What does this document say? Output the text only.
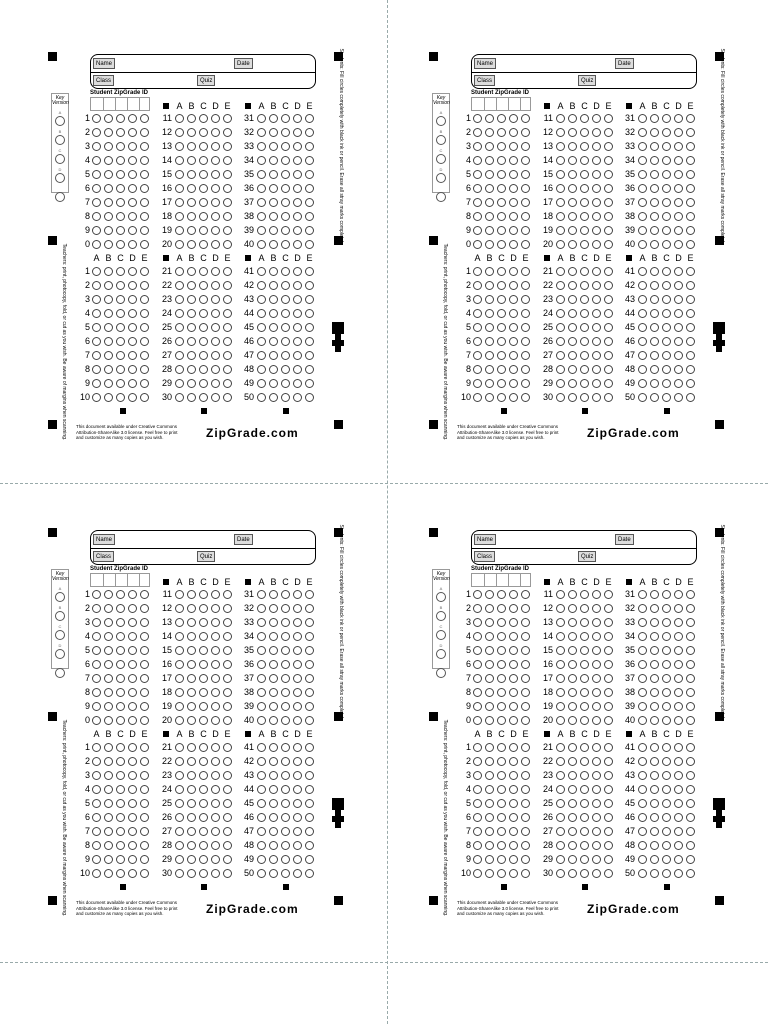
Name	Date
Class	Quiz
Student ZipGrade ID
Key Version
A
B
C
D
1
2
3
4
5
6
7
8
9
0
A B C D E
11
12
13
14
15
16
17
18
19
20
A B C D E
31
32
33
34
35
36
37
38
39
40
A B C D E
1
2
3
4
5
6
7
8
9
10
A B C D E
21
22
23
24
25
26
27
28
29
30
A B C D E
41
42
43
44
45
46
47
48
49
50
Students: Fill circles completely with black ink or pencil. Erase all stray marks completely.
Teachers: print, photocopy, fold, or cut as you wish. Be aware of margins when scanning. This document available under Creative Commons Attribution-ShareAlike 3.0 license. Feel free to print and customize as many copies as you wish.	ZipGrade.com
Name	Date
Class	Quiz
Student ZipGrade ID
Key Version
A
B
C
D
1
2
3
4
5
6
7
8
9
0
A B C D E
11
12
13
14
15
16
17
18
19
20
A B C D E
31
32
33
34
35
36
37
38
39
40
A B C D E
1
2
3
4
5
6
7
8
9
10
A B C D E
21
22
23
24
25
26
27
28
29
30
A B C D E
41
42
43
44
45
46
47
48
49
50
Students: Fill circles completely with black ink or pencil. Erase all stray marks completely.
Teachers: print, photocopy, fold, or cut as you wish. Be aware of margins when scanning. This document available under Creative Commons Attribution-ShareAlike 3.0 license. Feel free to print and customize as many copies as you wish.	ZipGrade.com
Name	Date
Class	Quiz
Student ZipGrade ID
Key Version
A
B
C
D
1
2
3
4
5
6
7
8
9
0
A B C D E
11
12
13
14
15
16
17
18
19
20
A B C D E
31
32
33
34
35
36
37
38
39
40
A B C D E
1
2
3
4
5
6
7
8
9
10
A B C D E
21
22
23
24
25
26
27
28
29
30
A B C D E
41
42
43
44
45
46
47
48
49
50
Students: Fill circles completely with black ink or pencil. Erase all stray marks completely.
Teachers: print, photocopy, fold, or cut as you wish. Be aware of margins when scanning. This document available under Creative Commons Attribution-ShareAlike 3.0 license. Feel free to print and customize as many copies as you wish.	ZipGrade.com
Name	Date
Class	Quiz
Student ZipGrade ID
Key Version
A
B
C
D
1
2
3
4
5
6
7
8
9
0
A B C D E
11
12
13
14
15
16
17
18
19
20
A B C D E
31
32
33
34
35
36
37
38
39
40
A B C D E
1
2
3
4
5
6
7
8
9
10
A B C D E
21
22
23
24
25
26
27
28
29
30
A B C D E
41
42
43
44
45
46
47
48
49
50
Students: Fill circles completely with black ink or pencil. Erase all stray marks completely.
Teachers: print, photocopy, fold, or cut as you wish. Be aware of margins when scanning. This document available under Creative Commons Attribution-ShareAlike 3.0 license. Feel free to print and customize as many copies as you wish.	ZipGrade.com
